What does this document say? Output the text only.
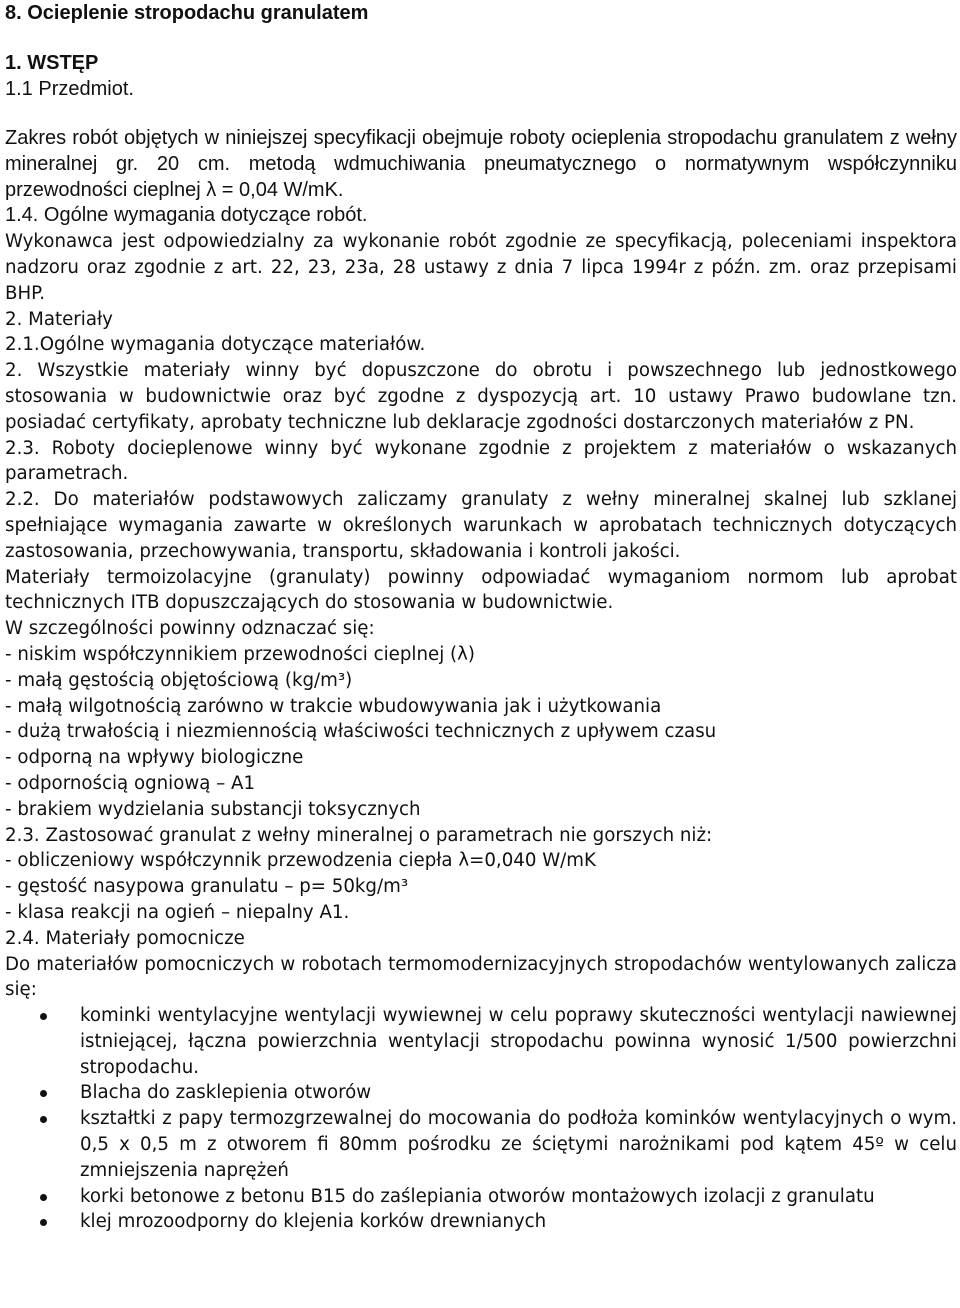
8. Ocieplenie stropodachu granulatem
1. WSTĘP
1.1 Przedmiot.

Zakres robót objętych w niniejszej specyfikacji obejmuje roboty ocieplenia stropodachu granulatem z wełny mineralnej gr. 20 cm. metodą wdmuchiwania pneumatycznego o normatywnym współczynniku przewodności cieplnej λ = 0,04 W/mK.

1.4. Ogólne wymagania dotyczące robót.

Wykonawca jest odpowiedzialny za wykonanie robót zgodnie ze specyfikacją, poleceniami inspektora nadzoru oraz zgodnie z art. 22, 23, 23a, 28 ustawy z dnia 7 lipca 1994r z późn. zm. oraz przepisami BHP.

2. Materiały

2.1.Ogólne wymagania dotyczące materiałów.

2. Wszystkie materiały winny być dopuszczone do obrotu i powszechnego lub jednostkowego stosowania w budownictwie oraz być zgodne z dyspozycją art. 10 ustawy Prawo budowlane tzn. posiadać certyfikaty, aprobaty techniczne lub deklaracje zgodności dostarczonych materiałów z PN.

2.3. Roboty docieplenowe winny być wykonane zgodnie z projektem z materiałów o wskazanych parametrach.

2.2. Do materiałów podstawowych zaliczamy granulaty z wełny mineralnej skalnej lub szklanej spełniające wymagania zawarte w określonych warunkach w aprobatach technicznych dotyczących zastosowania, przechowywania, transportu, składowania i kontroli jakości.

Materiały termoizolacyjne (granulaty) powinny odpowiadać wymaganiom normom lub aprobat technicznych ITB dopuszczających do stosowania w budownictwie.

W szczególności powinny odznaczać się:

- niskim współczynnikiem przewodności cieplnej (λ)
- małą gęstością objętościową (kg/m³)
- małą wilgotnością zarówno w trakcie wbudowywania jak i użytkowania
- dużą trwałością i niezmiennością właściwości technicznych z upływem czasu
- odporną na wpływy biologiczne
- odpornością ogniową – A1
- brakiem wydzielania substancji toksycznych

2.3. Zastosować granulat z wełny mineralnej o parametrach nie gorszych niż:

- obliczeniowy współczynnik przewodzenia ciepła λ=0,040 W/mK
- gęstość nasypowa granulatu – p= 50kg/m³
- klasa reakcji na ogień – niepalny A1.

2.4. Materiały pomocnicze

Do materiałów pomocniczych w robotach termomodernizacyjnych stropodachów wentylowanych zalicza się:

kominki wentylacyjne wentylacji wywiewnej w celu poprawy skuteczności wentylacji nawiewnej istniejącej, łączna powierzchnia wentylacji stropodachu powinna wynosić 1/500 powierzchni stropodachu.
Blacha do zasklepienia otworów
kształtki z papy termozgrzewalnej do mocowania do podłoża kominków wentylacyjnych o wym. 0,5 x 0,5 m z otworem fi 80mm pośrodku ze ściętymi narożnikami pod kątem 45º w celu zmniejszenia naprężeń
korki betonowe z betonu B15 do zaślepiania otworów montażowych izolacji z granulatu
klej mrozoodporny do klejenia korków drewnianych
